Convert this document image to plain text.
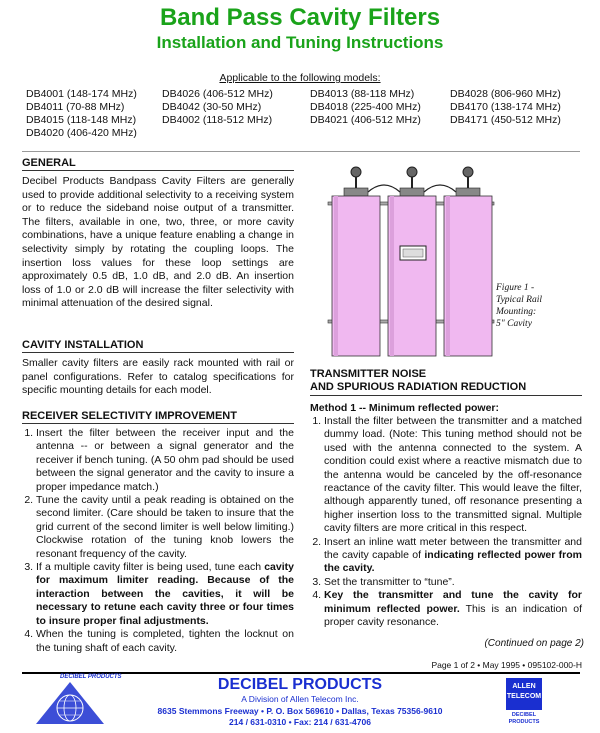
Band Pass Cavity Filters
Installation and Tuning Instructions
Applicable to the following models:
DB4001 (148-174 MHz)
DB4011 (70-88 MHz)
DB4015 (118-148 MHz)
DB4020 (406-420 MHz)
DB4026 (406-512 MHz)
DB4042 (30-50 MHz)
DB4002 (118-512 MHz)
DB4013 (88-118 MHz)
DB4018 (225-400 MHz)
DB4021 (406-512 MHz)
DB4028 (806-960 MHz)
DB4170 (138-174 MHz)
DB4171 (450-512 MHz)
GENERAL
Decibel Products Bandpass Cavity Filters are generally used to provide additional selectivity to a receiving system or to reduce the sideband noise output of a transmitter. The filters, available in one, two, three, or more cavity combinations, have a unique feature enabling a change in selectivity simply by rotating the coupling loops. The insertion loss values for these loop settings are approximately 0.5 dB, 1.0 dB, and 2.0 dB. An insertion loss of 1.0 or 2.0 dB will increase the filter selectivity with minimal attenuation of the desired signal.
CAVITY INSTALLATION
Smaller cavity filters are easily rack mounted with rail or panel configurations. Refer to catalog specifications for specific mounting details for each model.
RECEIVER SELECTIVITY IMPROVEMENT
1. Insert the filter between the receiver input and the antenna -- or between a signal generator and the receiver if bench tuning. (A 50 ohm pad should be used between the signal generator and the cavity to insure a proper impedance match.)
2. Tune the cavity until a peak reading is obtained on the second limiter. (Care should be taken to insure that the grid current of the second limiter is well below limiting.) Clockwise rotation of the tuning knob lowers the resonant frequency of the cavity.
3. If a multiple cavity filter is being used, tune each cavity for maximum limiter reading. Because of the interaction between the cavities, it will be necessary to retune each cavity three or four times to insure proper final adjustments.
4. When the tuning is completed, tighten the locknut on the tuning shaft of each cavity.
Figure 1 -
Typical Rail
Mounting:
5" Cavity
TRANSMITTER NOISE
AND SPURIOUS RADIATION REDUCTION
Method 1 -- Minimum reflected power:
1. Install the filter between the transmitter and a matched dummy load. (Note: This tuning method should not be used with the antenna connected to the system. A condition could exist where a reactive mismatch due to the antenna would be canceled by the off-resonance reactance of the cavity filter. This would leave the filter, although apparently tuned, off resonance presenting a higher insertion loss to the transmitted signal. Multiple cavity filters are more critical in this respect.
2. Insert an inline watt meter between the transmitter and the cavity capable of indicating reflected power from the cavity.
3. Set the transmitter to “tune”.
4. Key the transmitter and tune the cavity for minimum reflected power. This is an indication of proper cavity resonance.
(Continued on page 2)
Page 1 of 2 • May 1995 • 095102-000-H
DECIBEL PRODUCTS	DECIBEL PRODUCTS
A Division of Allen Telecom Inc.
8635 Stemmons Freeway • P. O. Box 569610 • Dallas, Texas 75356-9610
214 / 631-0310 • Fax: 214 / 631-4706
ALLEN TELECOM
DECIBEL PRODUCTS
